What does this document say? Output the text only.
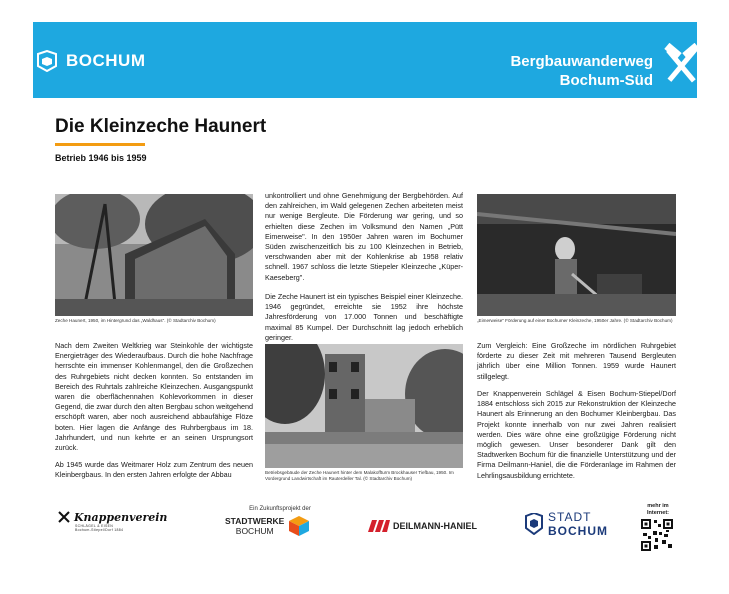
BOCHUM	Bergbauwanderweg
Bochum-Süd
Die Kleinzeche Haunert
Betrieb 1946 bis 1959
Zeche Haunert, 1950, im Hintergrund das „Waldhaus". (© Stadtarchiv Bochum)
Betriebsgebäude der Zeche Haunert hinter dem Malakoffturm Brockhauser Tiefbau, 1950. Im Vordergrund Landwirtschaft im Rauterdeller Tal. (© Stadtarchiv Bochum)
„Eimerweise" Förderung auf einer Bochumer Kleinzeche, 1950er Jahre. (© Stadtarchiv Bochum)
Nach dem Zweiten Weltkrieg war Steinkohle der wichtigste Energieträger des Wiederaufbaus. Durch die hohe Nachfrage herrschte ein immenser Kohlenmangel, den die Großzechen des Ruhrgebiets nicht decken konnten. So entstanden im Bereich des Ruhrtals zahlreiche Kleinzechen. Ausgangspunkt waren die oberflächennahen Kohlevorkommen in dieser Gegend, die zwar durch den alten Bergbau schon weitgehend erschöpft waren, aber noch ausreichend abbaufähige Flöze boten. Hier lagen die Anfänge des Ruhrbergbaus im 18. Jahrhundert, und nun kehrte er an seinen Ursprungsort zurück.
Ab 1945 wurde das Weitmarer Holz zum Zentrum des neuen Kleinbergbaus. In den ersten Jahren erfolgte der Abbau
unkontrolliert und ohne Genehmigung der Bergbehörden. Auf den zahlreichen, im Wald gelegenen Zechen arbeiteten meist nur wenige Bergleute. Die Förderung war gering, und so erhielten diese Zechen im Volksmund den Namen „Pütt Eimerweise". In den 1950er Jahren waren im Bochumer Süden zwischenzeitlich bis zu 100 Kleinzechen in Betrieb, verschwanden aber mit der Kohlenkrise ab 1958 relativ schnell. 1967 schloss die letzte Stiepeler Kleinzeche „Küper-Kaeseberg".
Die Zeche Haunert ist ein typisches Beispiel einer Kleinzeche. 1946 gegründet, erreichte sie 1952 ihre höchste Jahresförderung von 17.000 Tonnen und beschäftigte maximal 85 Kumpel. Der Durchschnitt lag jedoch erheblich geringer.
Zum Vergleich: Eine Großzeche im nördlichen Ruhrgebiet förderte zu dieser Zeit mit mehreren Tausend Bergleuten jährlich über eine Million Tonnen. 1959 wurde Haunert stillgelegt.
Der Knappenverein Schlägel & Eisen Bochum-Stiepel/Dorf 1884 entschloss sich 2015 zur Rekonstruktion der Kleinzeche Haunert als Erinnerung an den Bochumer Kleinbergbau. Das Projekt konnte innerhalb von nur zwei Jahren realisiert werden. Dies wäre ohne eine großzügige Förderung nicht möglich gewesen. Unser besonderer Dank gilt den Stadtwerken Bochum für die finanzielle Unterstützung und der Firma Deilmann-Haniel, die die Förderanlage im Rahmen der Lehrlingsausbildung errichtete.
Knappenverein
SCHLÄGEL & EISEN
Bochum-Stiepel/Dorf 1884
Ein Zukunftsprojekt der
STADTWERKE
BOCHUM	DEILMANN-HANIEL
STADT
BOCHUM
mehr im
Internet:
